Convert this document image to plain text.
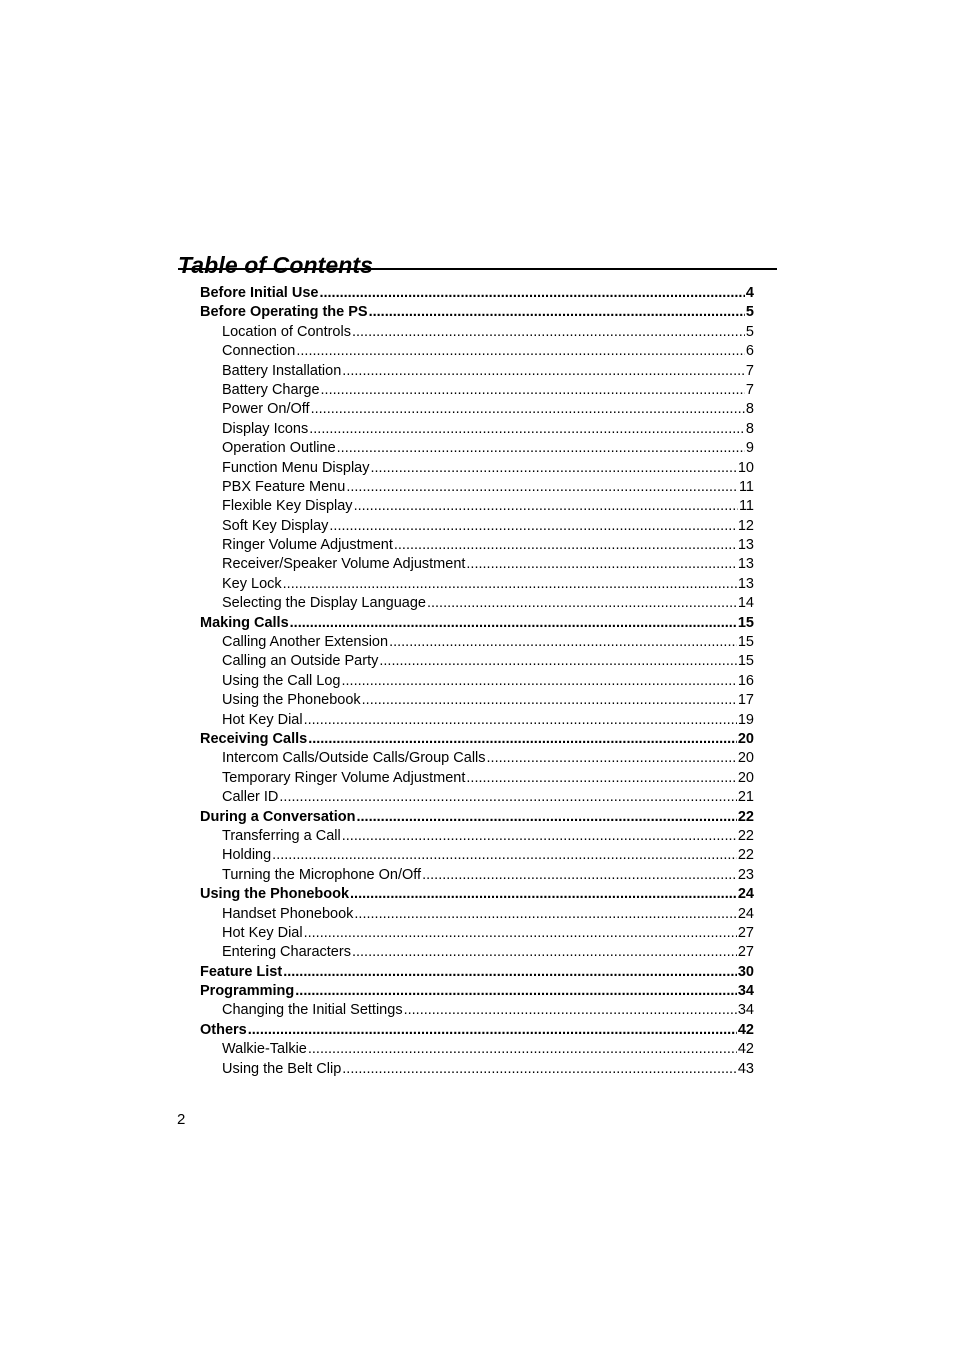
Table of Contents
Before Initial Use .....	4
Before Operating the PS .....	5
Location of Controls .....	5
Connection .....	6
Battery Installation .....	7
Battery Charge .....	7
Power On/Off .....	8
Display Icons .....	8
Operation Outline .....	9
Function Menu Display .....	10
PBX Feature Menu .....	11
Flexible Key Display .....	11
Soft Key Display .....	12
Ringer Volume Adjustment .....	13
Receiver/Speaker Volume Adjustment .....	13
Key Lock .....	13
Selecting the Display Language .....	14
Making Calls .....	15
Calling Another Extension .....	15
Calling an Outside Party .....	15
Using the Call Log .....	16
Using the Phonebook .....	17
Hot Key Dial .....	19
Receiving Calls .....	20
Intercom Calls/Outside Calls/Group Calls .....	20
Temporary Ringer Volume Adjustment .....	20
Caller ID .....	21
During a Conversation .....	22
Transferring a Call .....	22
Holding .....	22
Turning the Microphone On/Off .....	23
Using the Phonebook .....	24
Handset Phonebook .....	24
Hot Key Dial .....	27
Entering Characters .....	27
Feature List .....	30
Programming .....	34
Changing the Initial Settings .....	34
Others .....	42
Walkie-Talkie .....	42
Using the Belt Clip .....	43
2
